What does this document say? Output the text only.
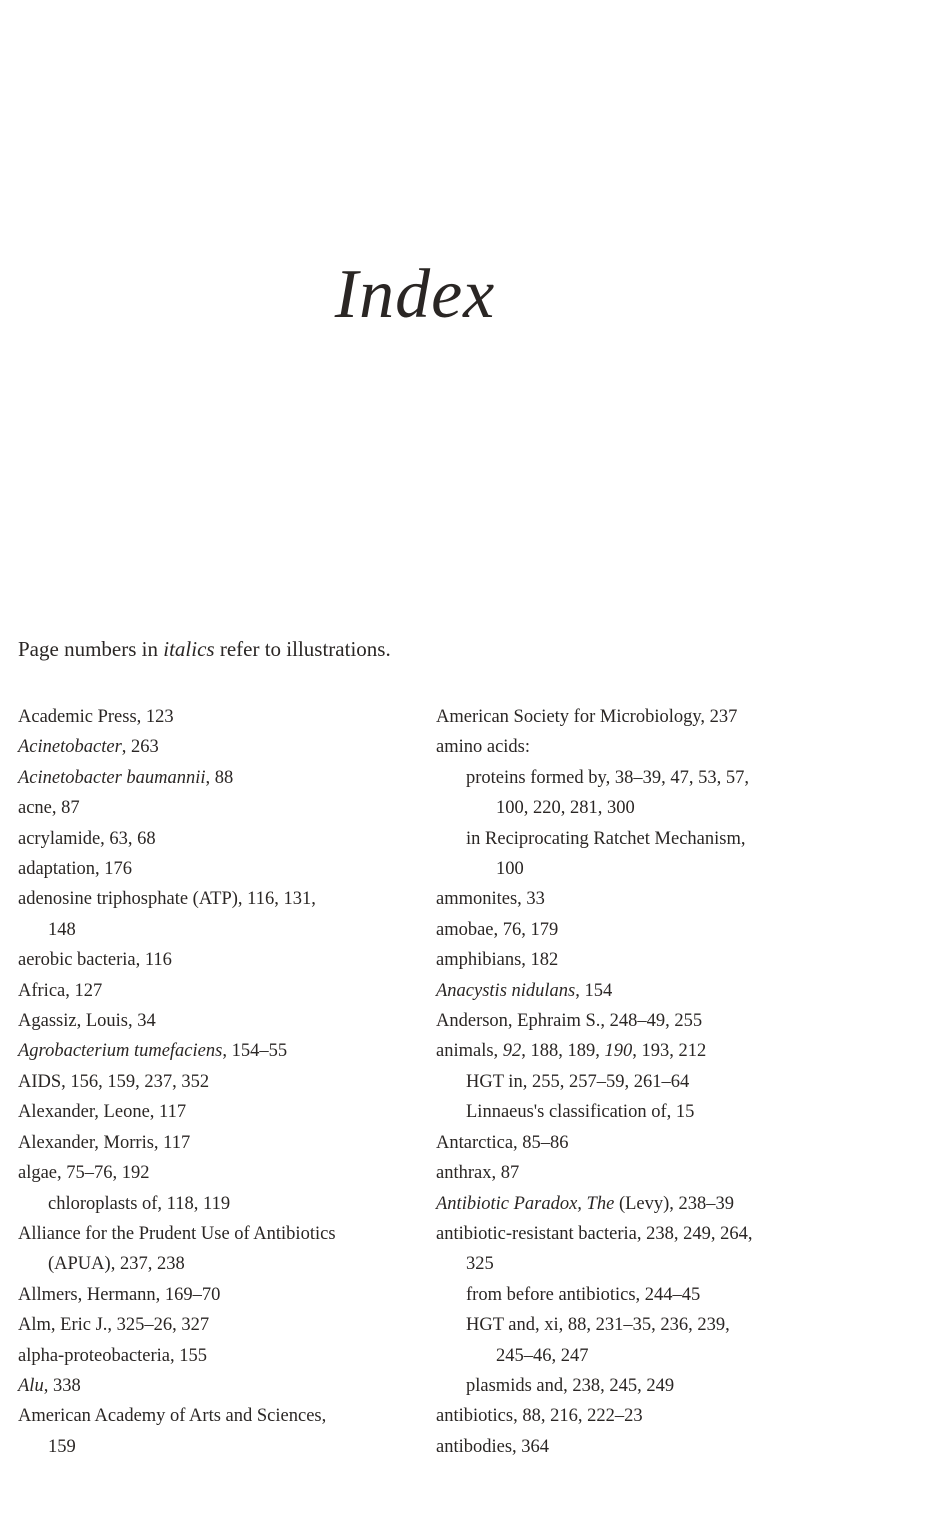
Index

Page numbers in italics refer to illustrations.

Academic Press, 123

Acinetobacter, 263

Acinetobacter baumannii, 88

acne, 87

acrylamide, 63, 68

adaptation, 176

adenosine triphosphate (ATP), 116, 131,

148

aerobic bacteria, 116

Africa, 127

Agassiz, Louis, 34

Agrobacterium tumefaciens, 154–55

AIDS, 156, 159, 237, 352

Alexander, Leone, 117

Alexander, Morris, 117

algae, 75–76, 192

chloroplasts of, 118, 119

Alliance for the Prudent Use of Antibiotics

(APUA), 237, 238

Allmers, Hermann, 169–70

Alm, Eric J., 325–26, 327

alpha-proteobacteria, 155

Alu, 338

American Academy of Arts and Sciences,

159

American Society for Microbiology, 237

amino acids:

proteins formed by, 38–39, 47, 53, 57,

100, 220, 281, 300

in Reciprocating Ratchet Mechanism,

100

ammonites, 33

amobae, 76, 179

amphibians, 182

Anacystis nidulans, 154

Anderson, Ephraim S., 248–49, 255

animals, 92, 188, 189, 190, 193, 212

HGT in, 255, 257–59, 261–64

Linnaeus's classification of, 15

Antarctica, 85–86

anthrax, 87

Antibiotic Paradox, The (Levy), 238–39

antibiotic-resistant bacteria, 238, 249, 264,

325

from before antibiotics, 244–45

HGT and, xi, 88, 231–35, 236, 239,

245–46, 247

plasmids and, 238, 245, 249

antibiotics, 88, 216, 222–23

antibodies, 364
